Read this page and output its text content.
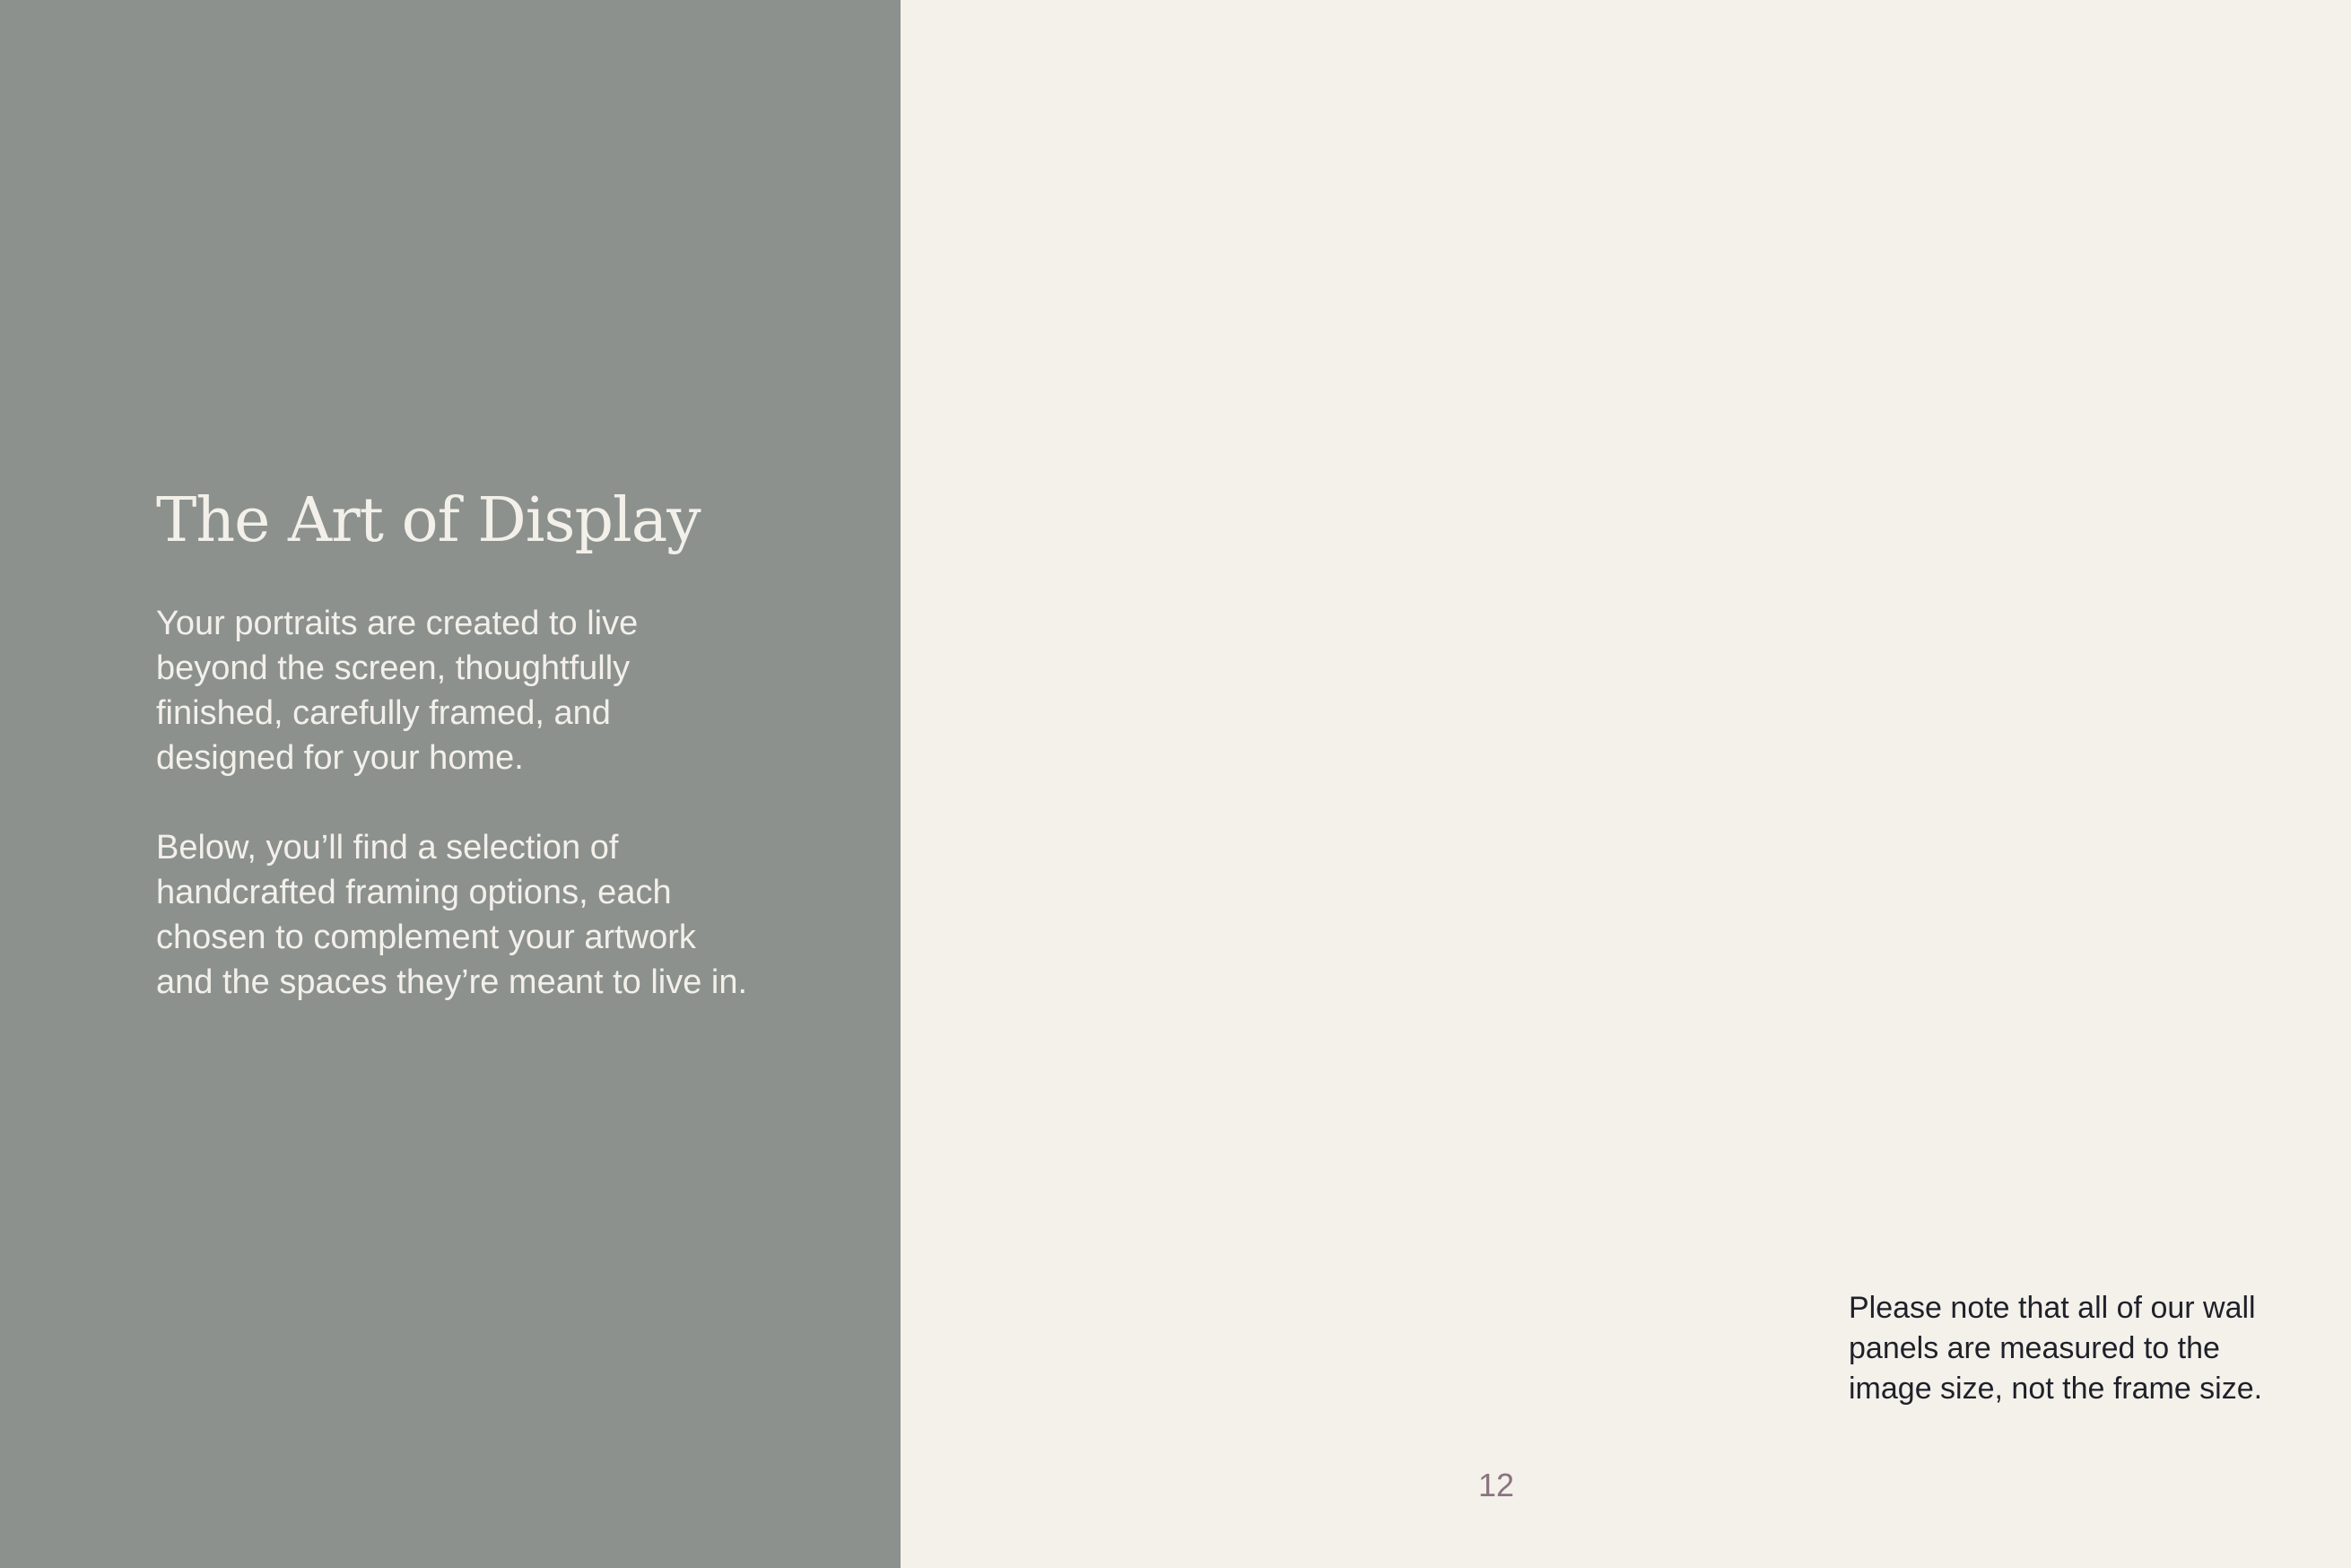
The Art of Display

Your portraits are created to live
beyond the screen, thoughtfully
finished, carefully framed, and
designed for your home.

Below, you’ll find a selection of
handcrafted framing options, each
chosen to complement your artwork
and the spaces they’re meant to live in.

Please note that all of our wall
panels are measured to the
image size, not the frame size.

12
